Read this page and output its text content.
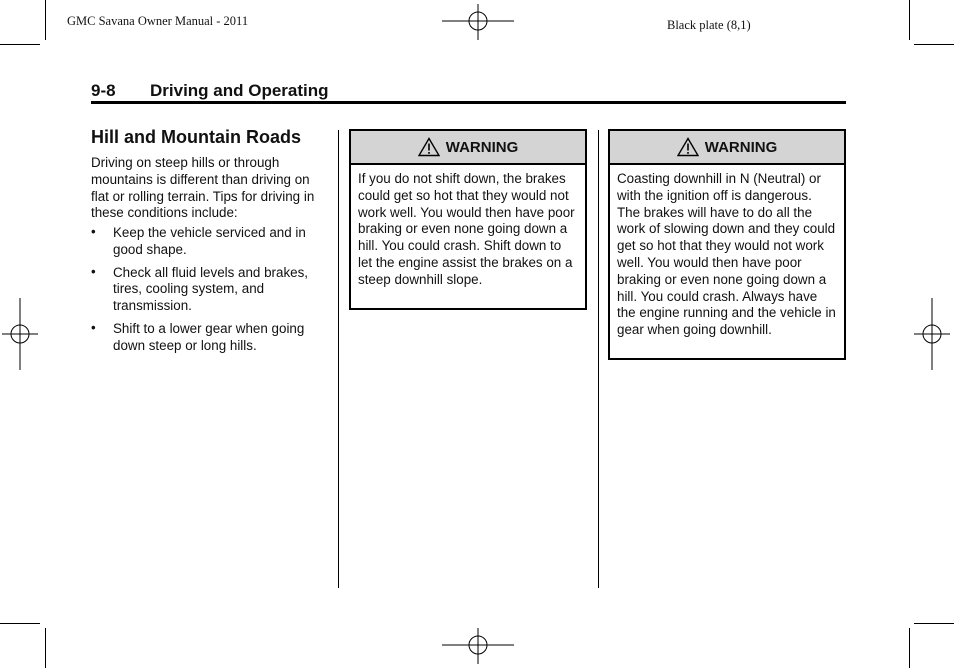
GMC Savana Owner Manual - 2011	Black plate (8,1)
9-8 Driving and Operating
Hill and Mountain Roads
Driving on steep hills or through mountains is different than driving on flat or rolling terrain. Tips for driving in these conditions include:
• Keep the vehicle serviced and in good shape.
• Check all fluid levels and brakes, tires, cooling system, and transmission.
• Shift to a lower gear when going down steep or long hills.
WARNING
If you do not shift down, the brakes could get so hot that they would not work well. You would then have poor braking or even none going down a hill. You could crash. Shift down to let the engine assist the brakes on a steep downhill slope.
WARNING
Coasting downhill in N (Neutral) or with the ignition off is dangerous. The brakes will have to do all the work of slowing down and they could get so hot that they would not work well. You would then have poor braking or even none going down a hill. You could crash. Always have the engine running and the vehicle in gear when going downhill.
